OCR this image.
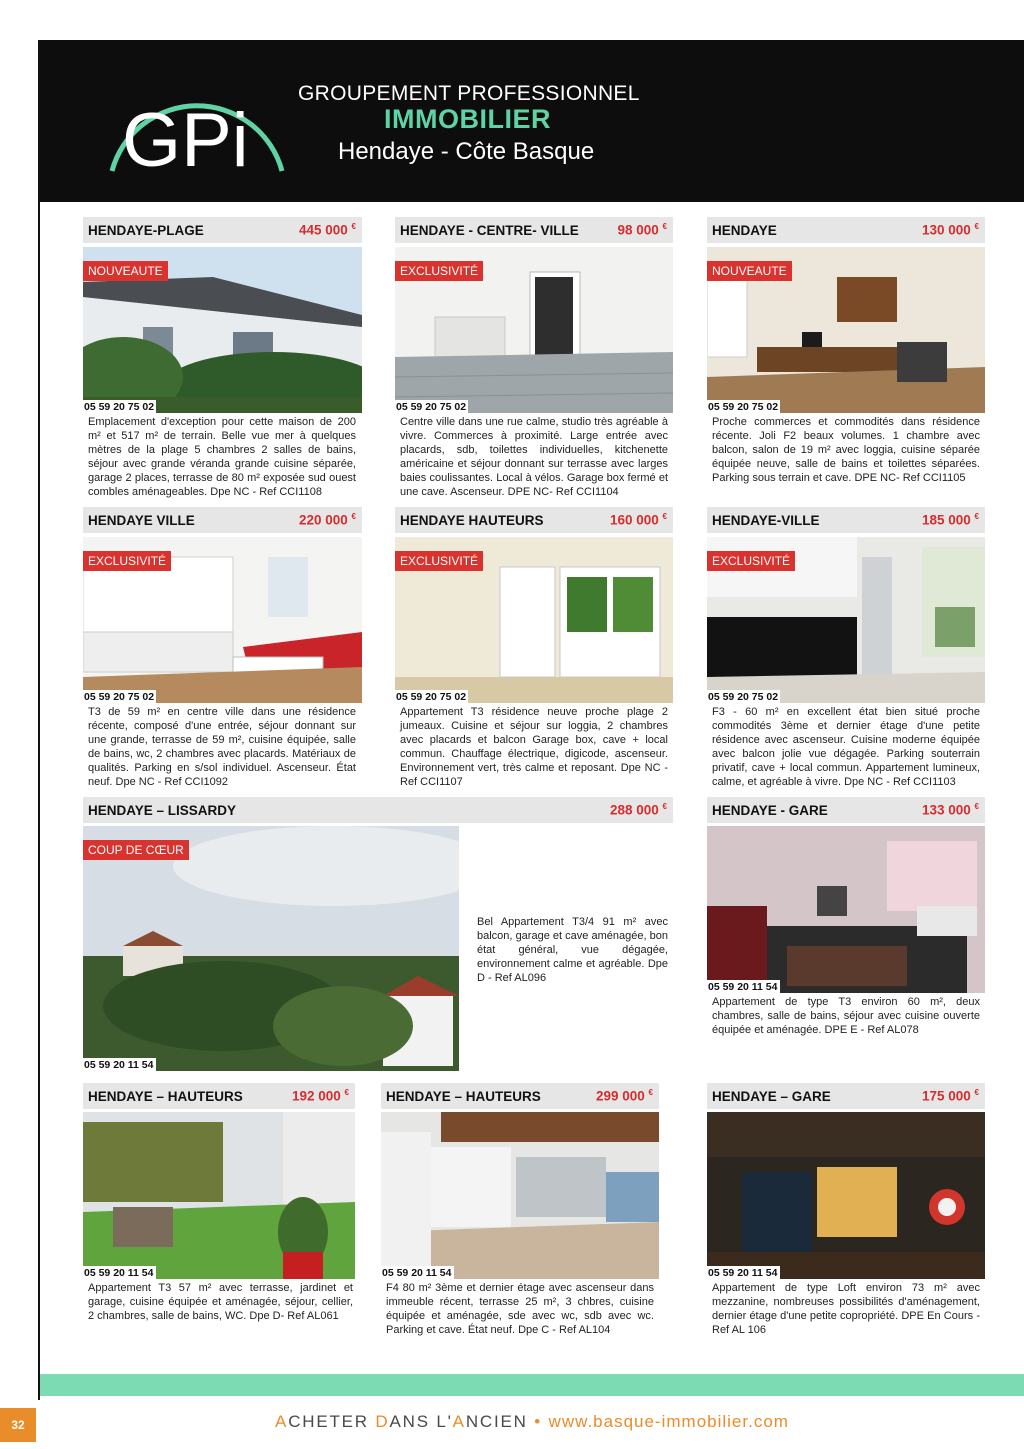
GPi
GROUPEMENT PROFESSIONNEL
IMMOBILIER
Hendaye - Côte Basque
HENDAYE-PLAGE	445 000 €
NOUVEAUTE
05 59 20 75 02
Emplacement d'exception pour cette maison de 200 m² et 517 m² de terrain. Belle vue mer à quelques mètres de la plage 5 chambres 2 salles de bains, séjour avec grande véranda grande cuisine séparée, garage 2 places, terrasse de 80 m² exposée sud ouest combles aménageables. Dpe NC - Ref CCI1108
HENDAYE - CENTRE- VILLE	98 000 €
EXCLUSIVITÉ
05 59 20 75 02
Centre ville dans une rue calme, studio très agréable à vivre. Commerces à proximité. Large entrée avec placards, sdb, toilettes individuelles, kitchenette américaine et séjour donnant sur terrasse avec larges baies coulissantes. Local à vélos. Garage box fermé et une cave. Ascenseur. DPE NC- Ref CCI1104
HENDAYE	130 000 €
NOUVEAUTE
05 59 20 75 02
Proche commerces et commodités dans résidence récente. Joli F2 beaux volumes. 1 chambre avec balcon, salon de 19 m² avec loggia, cuisine séparée équipée neuve, salle de bains et toilettes séparées. Parking sous terrain et cave. DPE NC- Ref CCI1105
HENDAYE VILLE	220 000 €
EXCLUSIVITÉ
05 59 20 75 02
T3 de 59 m² en centre ville dans une résidence récente, composé d'une entrée, séjour donnant sur une grande, terrasse de 59 m², cuisine équipée, salle de bains, wc, 2 chambres avec placards. Matériaux de qualités. Parking en s/sol individuel. Ascenseur. État neuf. Dpe NC - Ref CCI1092
HENDAYE HAUTEURS	160 000 €
EXCLUSIVITÉ
05 59 20 75 02
Appartement T3 résidence neuve proche plage 2 jumeaux. Cuisine et séjour sur loggia, 2 chambres avec placards et balcon Garage box, cave + local commun. Chauffage électrique, digicode, ascenseur. Environnement vert, très calme et reposant. Dpe NC - Ref CCI1107
HENDAYE-VILLE	185 000 €
EXCLUSIVITÉ
05 59 20 75 02
F3 - 60 m² en excellent état bien situé proche commodités 3ème et dernier étage d'une petite résidence avec ascenseur. Cuisine moderne équipée avec balcon jolie vue dégagée. Parking souterrain privatif, cave + local commun. Appartement lumineux, calme, et agréable à vivre. Dpe NC - Ref CCI1103
HENDAYE – LISSARDY	288 000 €
COUP DE CŒUR
05 59 20 11 54
Bel Appartement T3/4 91 m² avec balcon, garage et cave aménagée, bon état général, vue dégagée, environnement calme et agréable. Dpe D - Ref AL096
HENDAYE - GARE	133 000 €
05 59 20 11 54
Appartement de type T3 environ 60 m², deux chambres, salle de bains, séjour avec cuisine ouverte équipée et aménagée. DPE E - Ref AL078
HENDAYE – HAUTEURS	192 000 €
05 59 20 11 54
Appartement T3 57 m² avec terrasse, jardinet et garage, cuisine équipée et aménagée, séjour, cellier, 2 chambres, salle de bains, WC. Dpe D- Ref AL061
HENDAYE – HAUTEURS	299 000 €
05 59 20 11 54
F4 80 m² 3ème et dernier étage avec ascenseur dans immeuble récent, terrasse 25 m², 3 chbres, cuisine équipée et aménagée, sde avec wc, sdb avec wc. Parking et cave. État neuf. Dpe C - Ref AL104
HENDAYE – GARE	175 000 €
05 59 20 11 54
Appartement de type Loft environ 73 m² avec mezzanine, nombreuses possibilités d'aménagement, dernier étage d'une petite copropriété. DPE En Cours - Ref AL 106
32	ACHETER DANS L'ANCIEN • www.basque-immobilier.com
